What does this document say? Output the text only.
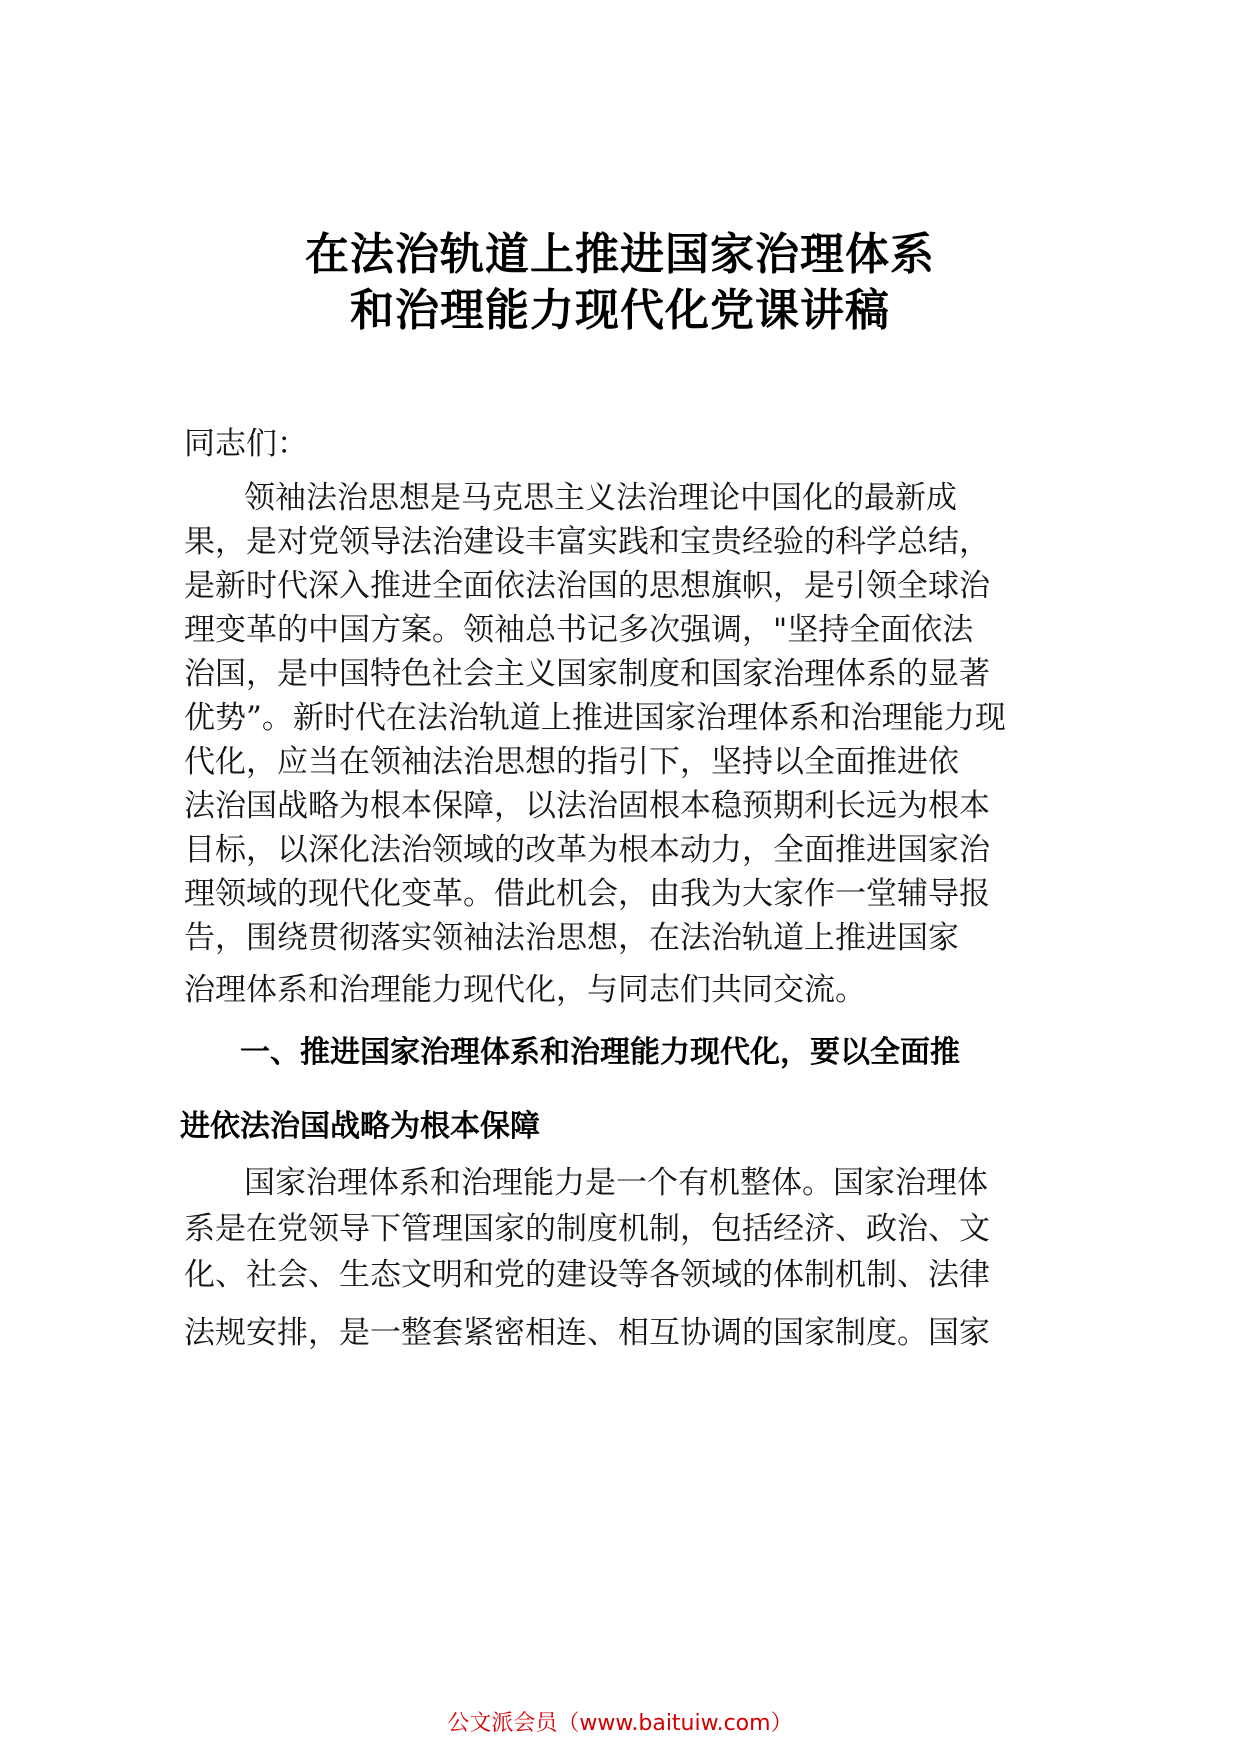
在法治轨道上推进国家治理体系
和治理能力现代化党课讲稿
同志们：
领袖法治思想是马克思主义法治理论中国化的最新成
果，是对党领导法治建设丰富实践和宝贵经验的科学总结，
是新时代深入推进全面依法治国的思想旗帜，是引领全球治
理变革的中国方案。领袖总书记多次强调，"坚持全面依法
治国，是中国特色社会主义国家制度和国家治理体系的显著
优势”。新时代在法治轨道上推进国家治理体系和治理能力现
代化，应当在领袖法治思想的指引下，坚持以全面推进依
法治国战略为根本保障，以法治固根本稳预期利长远为根本
目标，以深化法治领域的改革为根本动力，全面推进国家治
理领域的现代化变革。借此机会，由我为大家作一堂辅导报
告，围绕贯彻落实领袖法治思想，在法治轨道上推进国家
治理体系和治理能力现代化，与同志们共同交流。
一、推进国家治理体系和治理能力现代化，要以全面推
进依法治国战略为根本保障
国家治理体系和治理能力是一个有机整体。国家治理体
系是在党领导下管理国家的制度机制，包括经济、政治、文
化、社会、生态文明和党的建设等各领域的体制机制、法律
法规安排，是一整套紧密相连、相互协调的国家制度。国家
公文派会员（www.baituiw.com）
